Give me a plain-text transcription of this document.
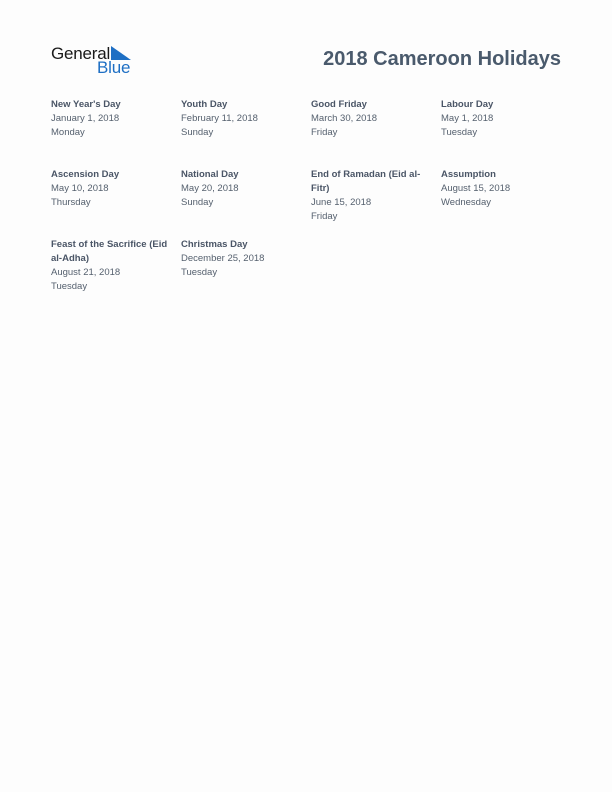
General
Blue	2018 Cameroon Holidays
New Year's Day
January 1, 2018
Monday
Youth Day
February 11, 2018
Sunday
Good Friday
March 30, 2018
Friday
Labour Day
May 1, 2018
Tuesday
Ascension Day
May 10, 2018
Thursday
National Day
May 20, 2018
Sunday
End of Ramadan (Eid al-Fitr)
June 15, 2018
Friday
Assumption
August 15, 2018
Wednesday
Feast of the Sacrifice (Eid al-Adha)
August 21, 2018
Tuesday
Christmas Day
December 25, 2018
Tuesday
